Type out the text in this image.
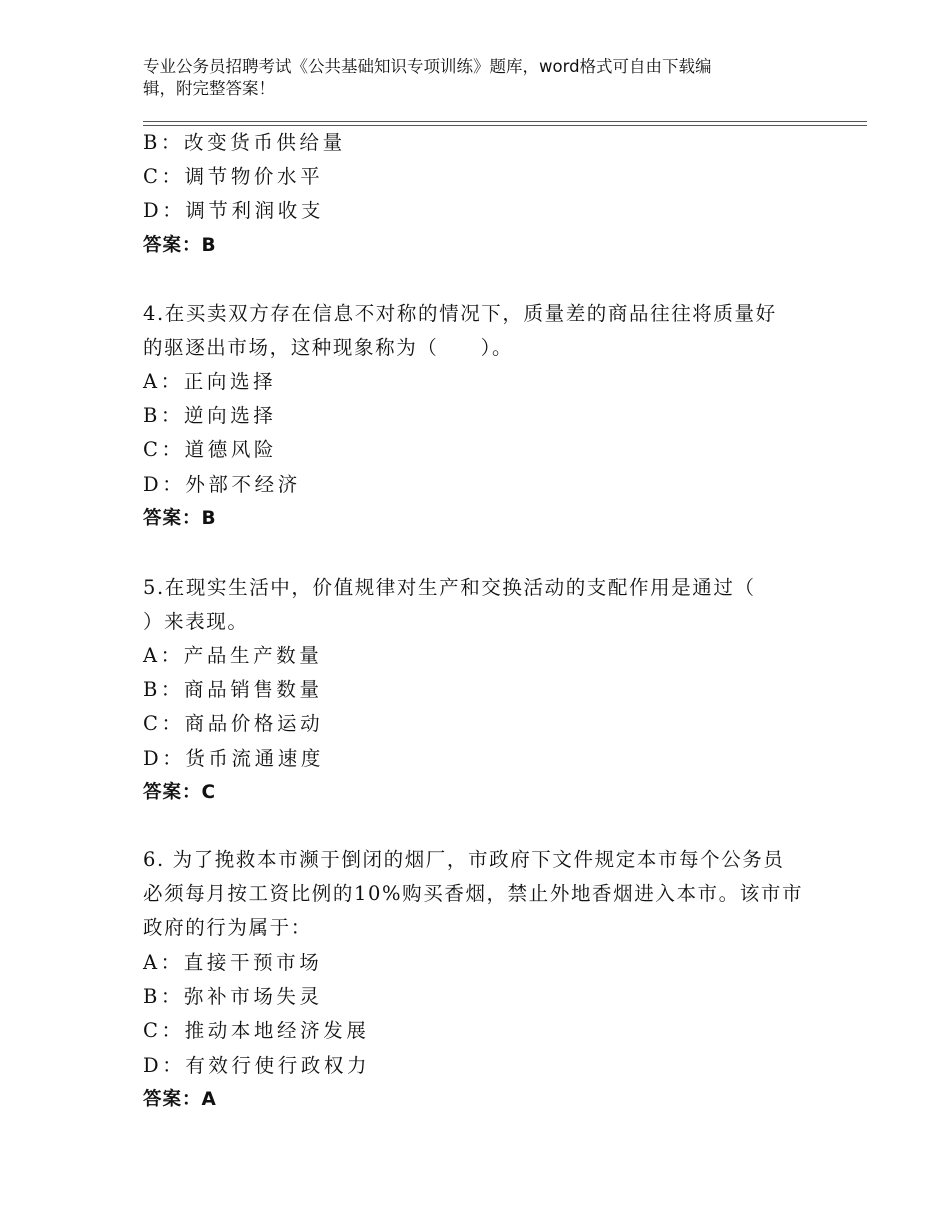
专业公务员招聘考试《公共基础知识专项训练》题库，word格式可自由下载编
辑，附完整答案！
B：改变货币供给量
C：调节物价水平
D：调节利润收支
答案：B
4.在买卖双方存在信息不对称的情况下，质量差的商品往往将质量好
的驱逐出市场，这种现象称为（　　）。
A：正向选择
B：逆向选择
C：道德风险
D：外部不经济
答案：B
5.在现实生活中，价值规律对生产和交换活动的支配作用是通过（
）来表现。
A：产品生产数量
B：商品销售数量
C：商品价格运动
D：货币流通速度
答案：C
6. 为了挽救本市濒于倒闭的烟厂，市政府下文件规定本市每个公务员
必须每月按工资比例的10%购买香烟，禁止外地香烟进入本市。该市市
政府的行为属于：
A：直接干预市场
B：弥补市场失灵
C：推动本地经济发展
D：有效行使行政权力
答案：A
